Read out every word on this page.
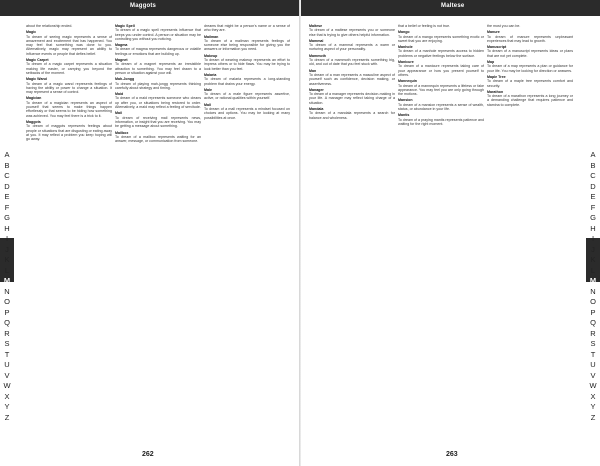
Maggots
A
B
C
D
E
F
G
H
I
J
K
L
M
N
O
P
Q
R
S
T
U
V
W
X
Y
Z
about the relationship ended.
Magic
To dream of seeing magic represents a sense of amazement and excitement that has happened. You may feel that something was done to you. Alternatively, magic may represent an ability to influence events or people that defies belief.
Magic Carpet
To dream of a magic carpet represents a situation making life easier, or carrying you beyond the setbacks of the moment.
Magic Wand
To dream of a magic wand represents feelings of having the ability or power to change a situation. It may represent a sense of control.
Magician
To dream of a magician represents an aspect of yourself that seems to make things happen effortlessly or that seems to be hiding how something was achieved. You may feel there is a trick to it.
Maggots
To dream of maggots represents feelings about people or situations that are disgusting or eating away at you. It may reflect a problem you keep hoping will go away.
Magic Spell
To dream of a magic spell represents influence that keeps you under control. A person or situation may be controlling you without you noticing.
Magma
To dream of magma represents dangerous or volatile feelings or emotions that are building up.
Magnet
To dream of a magnet represents an irresistible attraction to something. You may feel drawn to a person or situation against your will.
Mah-Jongg
To dream of playing mah-jongg represents thinking carefully about strategy and timing.
Maid
To dream of a maid represents someone who cleans up after you, or situations being restored to order. Alternatively, a maid may reflect a feeling of servitude.
Mail
To dream of receiving mail represents news, information, or insight that you are receiving. You may be getting a message about something.
Mailbox
To dream of a mailbox represents waiting for an answer, message, or communication from someone.
dreams that might be a person's name or a sense of who they are.
Mailman
To dream of a mailman represents feelings of someone else being responsible for giving you the answers or information you need.
Makeup
To dream of wearing makeup represents an effort to impress others or to hide flaws. You may be trying to look better than you feel.
Malaria
To dream of malaria represents a long-standing problem that drains your energy.
Male
To dream of a male figure represents assertive, active, or rational qualities within yourself.
Mall
To dream of a mall represents a mindset focused on choices and options. You may be looking at many possibilities at once.
262
Maltese
A
B
C
D
E
F
G
H
I
J
K
L
M
N
O
P
Q
R
S
T
U
V
W
X
Y
Z
Maltese
To dream of a maltese represents you or someone else that is trying to give others helpful information.
Mammal
To dream of a mammal represents a warm or nurturing aspect of your personality.
Mammoth
To dream of a mammoth represents something big, old, and out of date that you feel stuck with.
Man
To dream of a man represents a masculine aspect of yourself such as confidence, decision making, or assertiveness.
Manager
To dream of a manager represents decision-making in your life. A manager may reflect taking charge of a situation.
Mandala
To dream of a mandala represents a search for balance and wholeness.
that a belief or feeling is not true.
Mango
To dream of a mango represents something exotic or sweet that you are enjoying.
Manhole
To dream of a manhole represents access to hidden problems or negative feelings below the surface.
Manicure
To dream of a manicure represents taking care of your appearance or how you present yourself to others.
Mannequin
To dream of a mannequin represents a lifeless or fake appearance. You may feel you are only going through the motions.
Mansion
To dream of a mansion represents a sense of wealth, status, or abundance in your life.
Mantis
To dream of a praying mantis represents patience and waiting for the right moment.
the most you can be.
Manure
To dream of manure represents unpleasant experiences that may lead to growth.
Manuscript
To dream of a manuscript represents ideas or plans that are not yet complete.
Map
To dream of a map represents a plan or guidance for your life. You may be looking for direction or answers.
Maple Tree
To dream of a maple tree represents comfort and security.
Marathon
To dream of a marathon represents a long journey or a demanding challenge that requires patience and stamina to complete.
263
